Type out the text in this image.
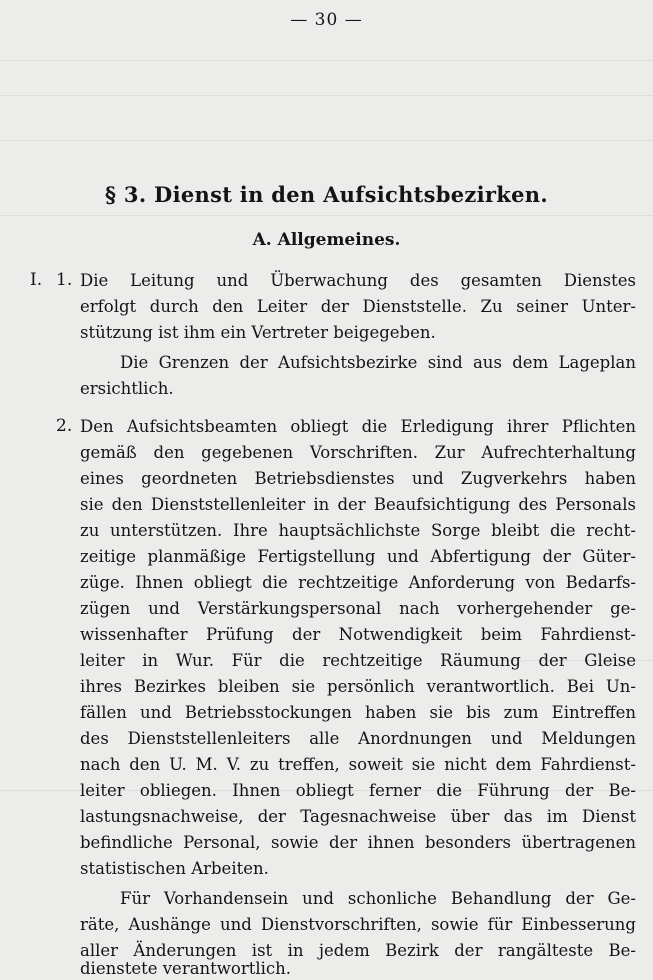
— 30 —
§ 3. Dienst in den Aufsichtsbezirken.
A. Allgemeines.
I. 1. Die Leitung und Überwachung des gesamten Dienstes
erfolgt durch den Leiter der Dienststelle. Zu seiner Unter-
stützung ist ihm ein Vertreter beigegeben.
Die Grenzen der Aufsichtsbezirke sind aus dem Lageplan
ersichtlich.
2. Den Aufsichtsbeamten obliegt die Erledigung ihrer Pflichten
gemäß den gegebenen Vorschriften. Zur Aufrechterhaltung
eines geordneten Betriebsdienstes und Zugverkehrs haben
sie den Dienststellenleiter in der Beaufsichtigung des Personals
zu unterstützen. Ihre hauptsächlichste Sorge bleibt die recht-
zeitige planmäßige Fertigstellung und Abfertigung der Güter-
züge. Ihnen obliegt die rechtzeitige Anforderung von Bedarfs-
zügen und Verstärkungspersonal nach vorhergehender ge-
wissenhafter Prüfung der Notwendigkeit beim Fahrdienst-
leiter in Wur. Für die rechtzeitige Räumung der Gleise
ihres Bezirkes bleiben sie persönlich verantwortlich. Bei Un-
fällen und Betriebsstockungen haben sie bis zum Eintreffen
des Dienststellenleiters alle Anordnungen und Meldungen
nach den U. M. V. zu treffen, soweit sie nicht dem Fahrdienst-
leiter obliegen. Ihnen obliegt ferner die Führung der Be-
lastungsnachweise, der Tagesnachweise über das im Dienst
befindliche Personal, sowie der ihnen besonders übertragenen
statistischen Arbeiten.
Für Vorhandensein und schonliche Behandlung der Ge-
räte, Aushänge und Dienstvorschriften, sowie für Einbesserung
aller Änderungen ist in jedem Bezirk der rangälteste Be-
dienstete verantwortlich.
